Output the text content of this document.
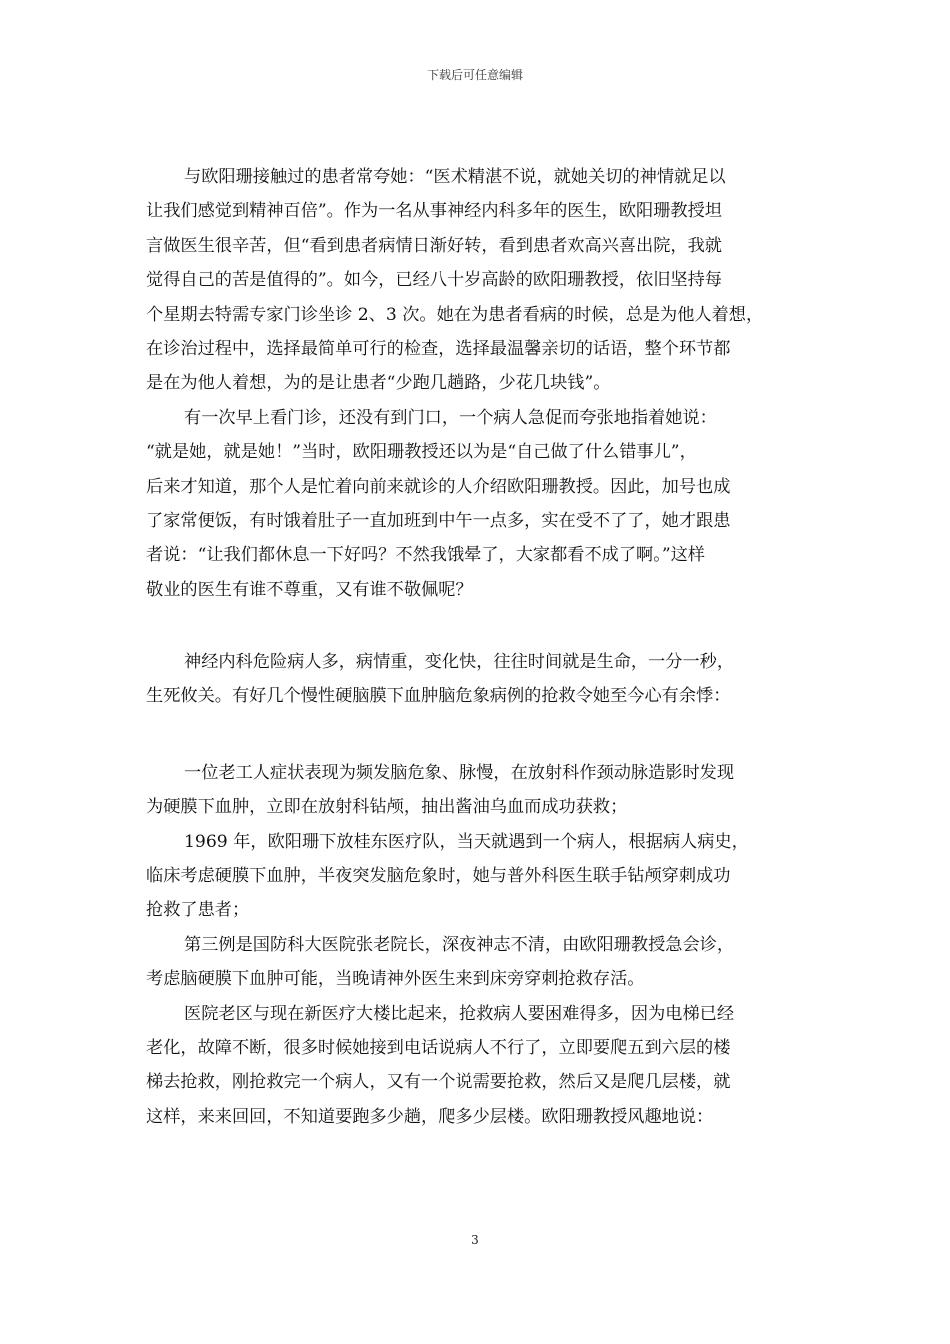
下载后可任意编辑
与欧阳珊接触过的患者常夸她：“医术精湛不说，就她关切的神情就足以
让我们感觉到精神百倍”。作为一名从事神经内科多年的医生，欧阳珊教授坦
言做医生很辛苦，但“看到患者病情日渐好转，看到患者欢高兴喜出院，我就
觉得自己的苦是值得的”。如今，已经八十岁高龄的欧阳珊教授，依旧坚持每
个星期去特需专家门诊坐诊 2、3 次。她在为患者看病的时候，总是为他人着想，
在诊治过程中，选择最简单可行的检查，选择最温馨亲切的话语，整个环节都
是在为他人着想，为的是让患者“少跑几趟路，少花几块钱”。
有一次早上看门诊，还没有到门口，一个病人急促而夸张地指着她说：
“就是她，就是她！”当时，欧阳珊教授还以为是“自己做了什么错事儿”，
后来才知道，那个人是忙着向前来就诊的人介绍欧阳珊教授。因此，加号也成
了家常便饭，有时饿着肚子一直加班到中午一点多，实在受不了了，她才跟患
者说：“让我们都休息一下好吗？不然我饿晕了，大家都看不成了啊。”这样
敬业的医生有谁不尊重，又有谁不敬佩呢？
神经内科危险病人多，病情重，变化快，往往时间就是生命，一分一秒，
生死攸关。有好几个慢性硬脑膜下血肿脑危象病例的抢救令她至今心有余悸：
一位老工人症状表现为频发脑危象、脉慢，在放射科作颈动脉造影时发现
为硬膜下血肿，立即在放射科钻颅，抽出酱油乌血而成功获救；
1969 年，欧阳珊下放桂东医疗队，当天就遇到一个病人，根据病人病史，
临床考虑硬膜下血肿，半夜突发脑危象时，她与普外科医生联手钻颅穿刺成功
抢救了患者；
第三例是国防科大医院张老院长，深夜神志不清，由欧阳珊教授急会诊，
考虑脑硬膜下血肿可能，当晚请神外医生来到床旁穿刺抢救存活。
医院老区与现在新医疗大楼比起来，抢救病人要困难得多，因为电梯已经
老化，故障不断，很多时候她接到电话说病人不行了，立即要爬五到六层的楼
梯去抢救，刚抢救完一个病人，又有一个说需要抢救，然后又是爬几层楼，就
这样，来来回回，不知道要跑多少趟，爬多少层楼。欧阳珊教授风趣地说：
3
